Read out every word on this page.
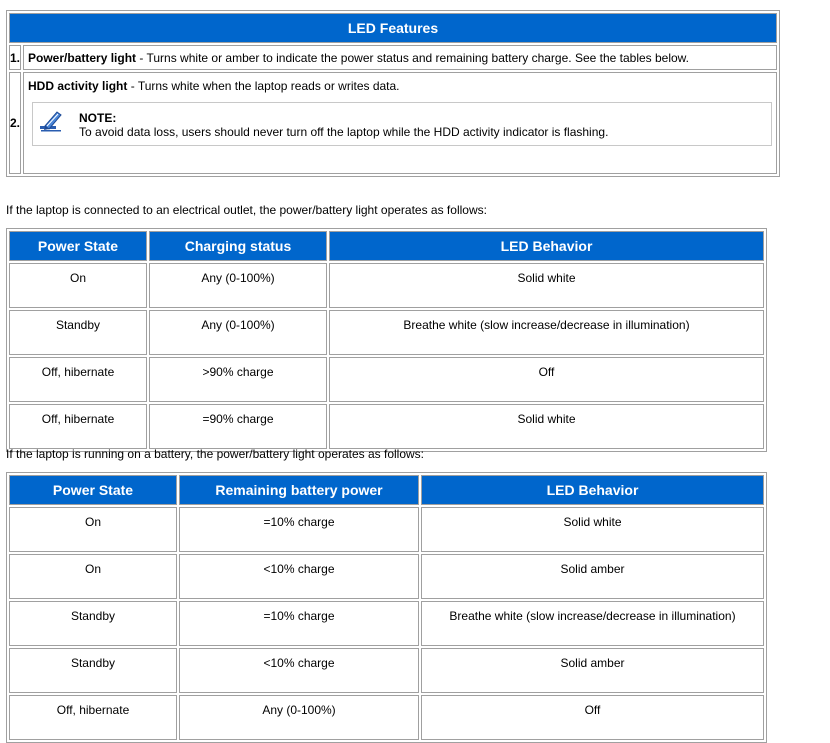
LED Features	
1.	Power/battery light - Turns white or amber to indicate the power status and remaining battery charge. See the tables below.
2.	HDD activity light - Turns white when the laptop reads or writes data.
NOTE:
To avoid data loss, users should never turn off the laptop while the HDD activity indicator is flashing.
If the laptop is connected to an electrical outlet, the power/battery light operates as follows:
Power State	Charging status	LED Behavior
On	Any (0-100%)	Solid white
Standby	Any (0-100%)	Breathe white (slow increase/decrease in illumination)
Off, hibernate	>90% charge	Off
Off, hibernate	=90% charge	Solid white
If the laptop is running on a battery, the power/battery light operates as follows:
Power State	Remaining battery power	LED Behavior
On	=10% charge	Solid white
On	<10% charge	Solid amber
Standby	=10% charge	Breathe white (slow increase/decrease in illumination)
Standby	<10% charge	Solid amber
Off, hibernate	Any (0-100%)	Off
